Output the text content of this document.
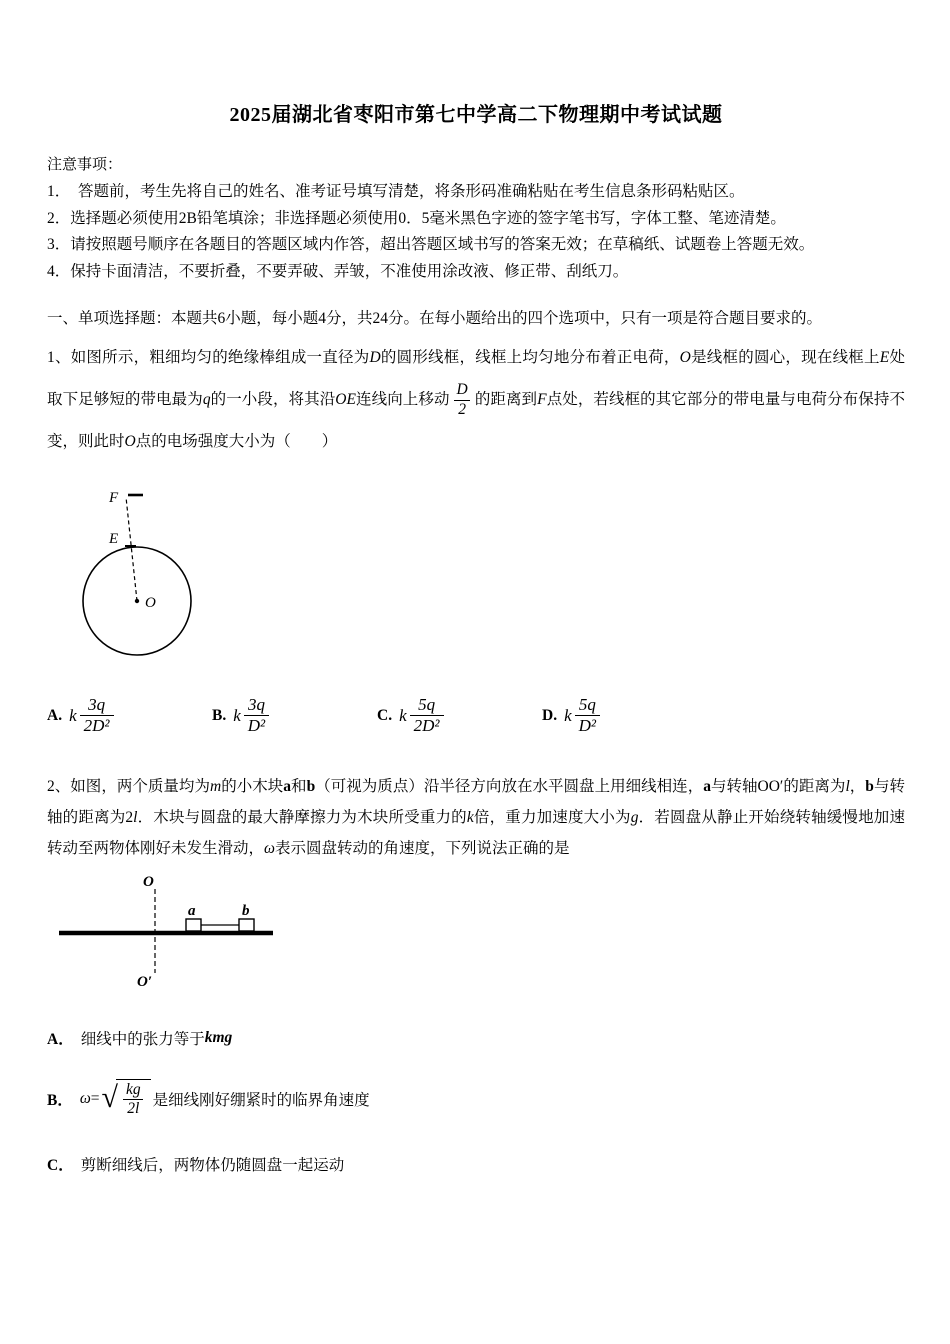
2025届湖北省枣阳市第七中学高二下物理期中考试试题
注意事项：
1．　答题前，考生先将自己的姓名、准考证号填写清楚，将条形码准确粘贴在考生信息条形码粘贴区。
2．选择题必须使用2B铅笔填涂；非选择题必须使用0．5毫米黑色字迹的签字笔书写，字体工整、笔迹清楚。
3．请按照题号顺序在各题目的答题区域内作答，超出答题区域书写的答案无效；在草稿纸、试题卷上答题无效。
4．保持卡面清洁，不要折叠，不要弄破、弄皱，不准使用涂改液、修正带、刮纸刀。

一、单项选择题：本题共6小题，每小题4分，共24分。在每小题给出的四个选项中，只有一项是符合题目要求的。

1、如图所示，粗细均匀的绝缘棒组成一直径为D的圆形线框，线框上均匀地分布着正电荷，O是线框的圆心，现在线框上E处取下足够短的带电最为q的一小段，将其沿OE连线向上移动 $\frac{D}{2}$ 的距离到F点处，若线框的其它部分的带电量与电荷分布保持不变，则此时O点的电场强度大小为（　　）

F
E
O
A. k $\frac{3q}{\text{2D²}}$	B. k $\frac{3q}{\text{D²}}$	C. k $\frac{5q}{\text{2D²}}$	D. k $\frac{5q}{\text{D²}}$

2、如图，两个质量均为m的小木块a和b（可视为质点）沿半径方向放在水平圆盘上用细线相连，a与转轴OO′的距离为l，b与转轴的距离为2l．木块与圆盘的最大静摩擦力为木块所受重力的k倍，重力加速度大小为g．若圆盘从静止开始绕转轴缓慢地加速转动至两物体刚好未发生滑动，ω表示圆盘转动的角速度，下列说法正确的是

O
a	b
O′
A． 细线中的张力等于 kmg
B． ω = √ $\frac{kg}{2l}$ 是细线刚好绷紧时的临界角速度
C． 剪断细线后，两物体仍随圆盘一起运动
